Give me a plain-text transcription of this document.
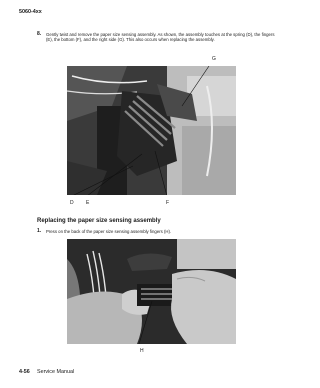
5060-4xx
8. Gently twist and remove the paper size sensing assembly. As shown, the assembly touches at the spring (D), the fingers (E), the bottom (F), and the right side (G). This also occurs when replacing the assembly.
G
D E	F
Replacing the paper size sensing assembly
1. Press on the back of the paper size sensing assembly fingers (H).
H
4-56 Service Manual
